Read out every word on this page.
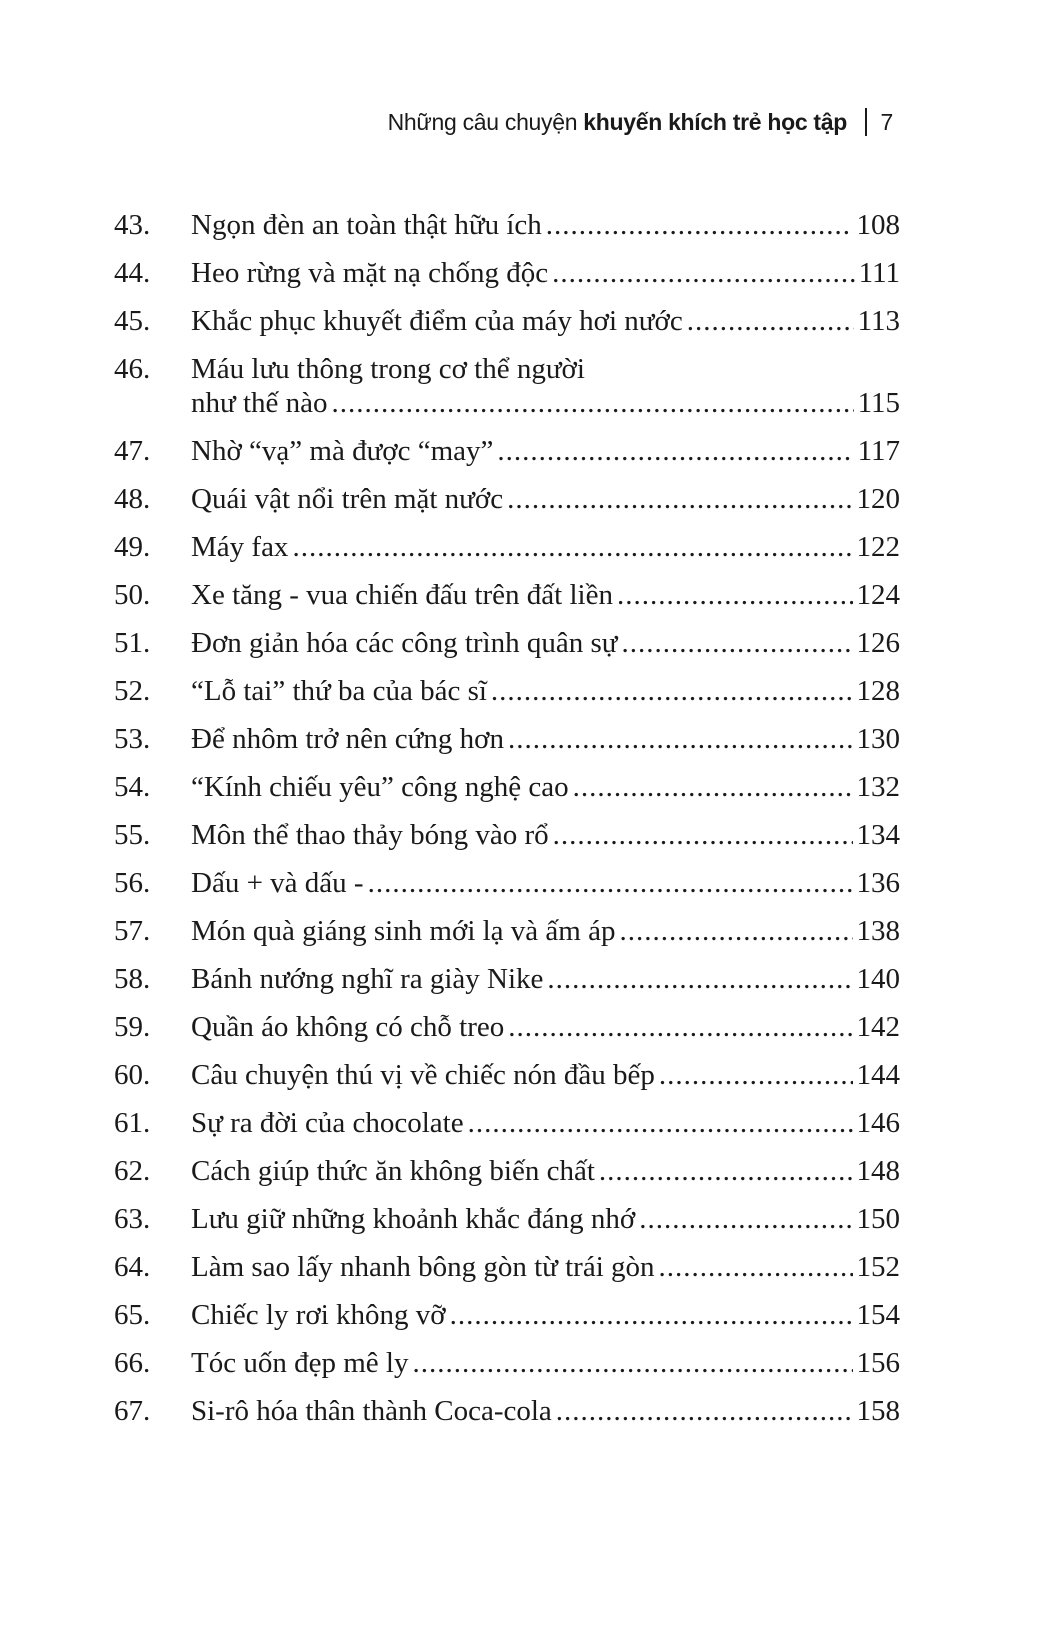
Những câu chuyện khuyến khích trẻ học tập 7
43.	Ngọn đèn an toàn thật hữu ích .....	108
44.	Heo rừng và mặt nạ chống độc .....	111
45.	Khắc phục khuyết điểm của máy hơi nước .....	113
46.	Máu lưu thông trong cơ thể người
như thế nào .....	115
47.	Nhờ “vạ” mà được “may” .....	117
48.	Quái vật nổi trên mặt nước .....	120
49.	Máy fax .....	122
50.	Xe tăng - vua chiến đấu trên đất liền .....	124
51.	Đơn giản hóa các công trình quân sự .....	126
52.	“Lỗ tai” thứ ba của bác sĩ .....	128
53.	Để nhôm trở nên cứng hơn .....	130
54.	“Kính chiếu yêu” công nghệ cao .....	132
55.	Môn thể thao thảy bóng vào rổ .....	134
56.	Dấu + và dấu - .....	136
57.	Món quà giáng sinh mới lạ và ấm áp .....	138
58.	Bánh nướng nghĩ ra giày Nike .....	140
59.	Quần áo không có chỗ treo .....	142
60.	Câu chuyện thú vị về chiếc nón đầu bếp .....	144
61.	Sự ra đời của chocolate .....	146
62.	Cách giúp thức ăn không biến chất .....	148
63.	Lưu giữ những khoảnh khắc đáng nhớ .....	150
64.	Làm sao lấy nhanh bông gòn từ trái gòn .....	152
65.	Chiếc ly rơi không vỡ .....	154
66.	Tóc uốn đẹp mê ly .....	156
67.	Si-rô hóa thân thành Coca-cola .....	158
